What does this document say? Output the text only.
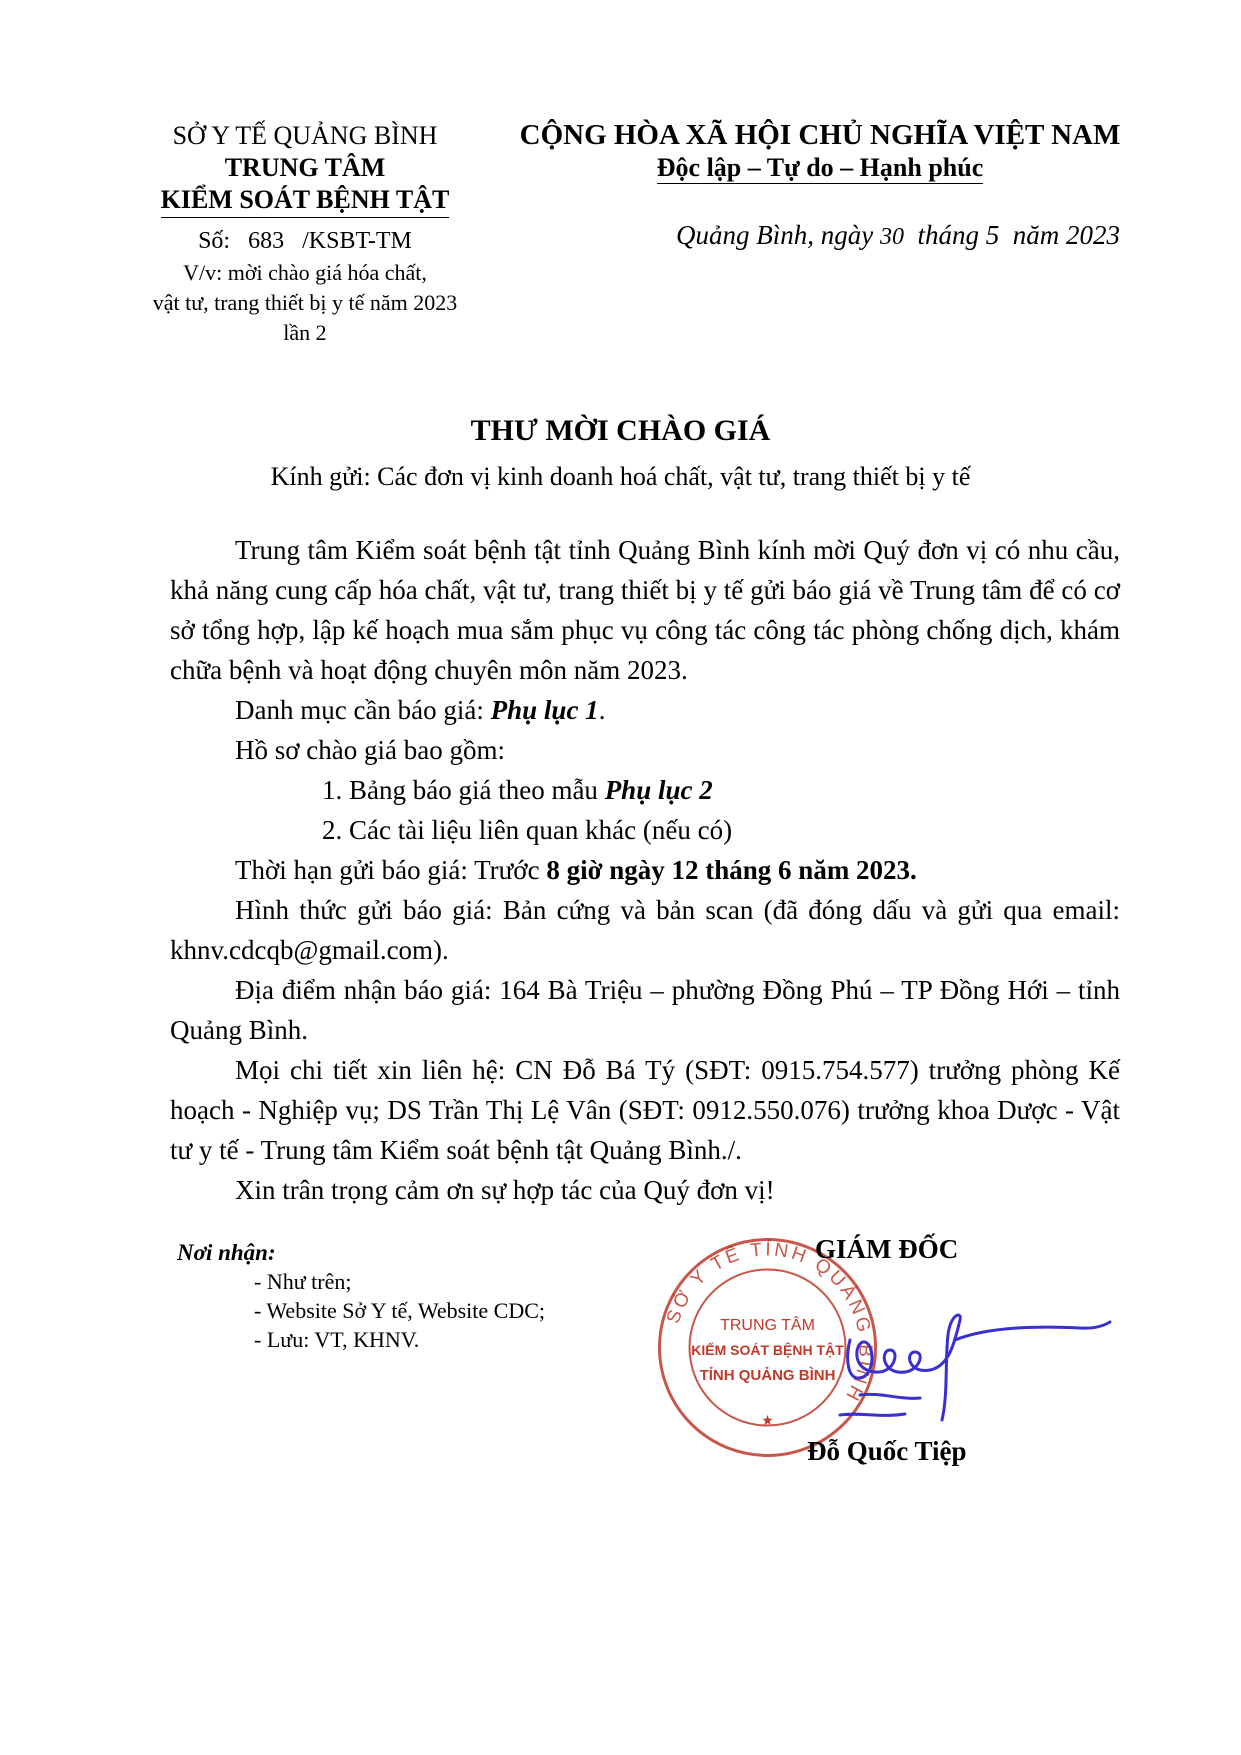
SỞ Y TẾ QUẢNG BÌNH
TRUNG TÂM
KIỂM SOÁT BỆNH TẬT
Số: 683 /KSBT-TM
V/v: mời chào giá hóa chất,
vật tư, trang thiết bị y tế năm 2023
lần 2
CỘNG HÒA XÃ HỘI CHỦ NGHĨA VIỆT NAM
Độc lập – Tự do – Hạnh phúc
Quảng Bình, ngày 30 tháng 5 năm 2023
THƯ MỜI CHÀO GIÁ
Kính gửi: Các đơn vị kinh doanh hoá chất, vật tư, trang thiết bị y tế

Trung tâm Kiểm soát bệnh tật tỉnh Quảng Bình kính mời Quý đơn vị có nhu cầu, khả năng cung cấp hóa chất, vật tư, trang thiết bị y tế gửi báo giá về Trung tâm để có cơ sở tổng hợp, lập kế hoạch mua sắm phục vụ công tác công tác phòng chống dịch, khám chữa bệnh và hoạt động chuyên môn năm 2023.

Danh mục cần báo giá: Phụ lục 1.

Hồ sơ chào giá bao gồm:

1. Bảng báo giá theo mẫu Phụ lục 2

2. Các tài liệu liên quan khác (nếu có)

Thời hạn gửi báo giá: Trước 8 giờ ngày 12 tháng 6 năm 2023.

Hình thức gửi báo giá: Bản cứng và bản scan (đã đóng dấu và gửi qua email: khnv.cdcqb@gmail.com).

Địa điểm nhận báo giá: 164 Bà Triệu – phường Đồng Phú – TP Đồng Hới – tỉnh Quảng Bình.

Mọi chi tiết xin liên hệ: CN Đỗ Bá Tý (SĐT: 0915.754.577) trưởng phòng Kế hoạch - Nghiệp vụ; DS Trần Thị Lệ Vân (SĐT: 0912.550.076) trưởng khoa Dược - Vật tư y tế - Trung tâm Kiểm soát bệnh tật Quảng Bình./.

Xin trân trọng cảm ơn sự hợp tác của Quý đơn vị!

Nơi nhận:
- Như trên;
- Website Sở Y tế, Website CDC;
- Lưu: VT, KHNV.
SỞ Y TẾ TỈNH QUẢNG BÌNH
TRUNG TÂM
KIỂM SOÁT BỆNH TẬT
TỈNH QUẢNG BÌNH
★
GIÁM ĐỐC
Đỗ Quốc Tiệp
